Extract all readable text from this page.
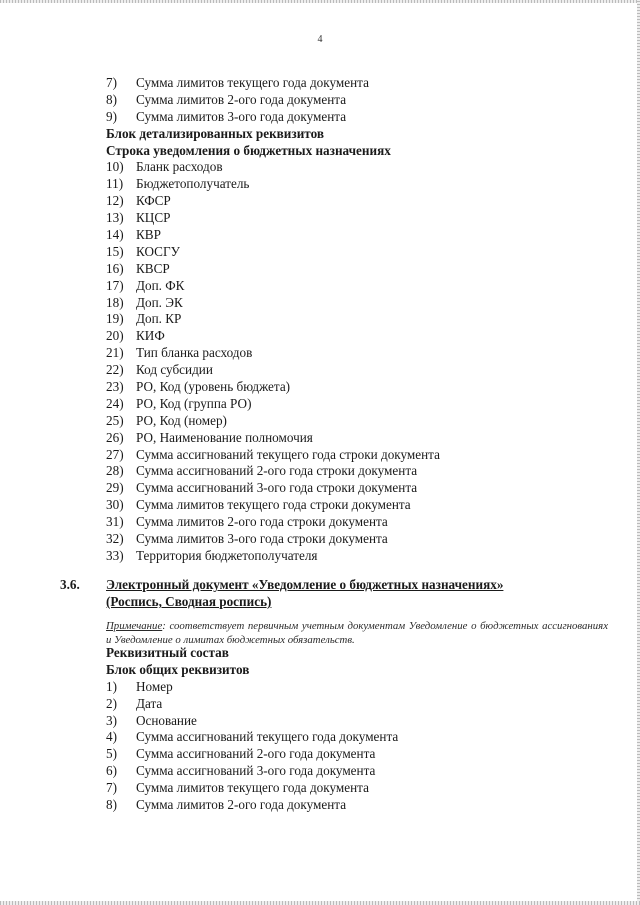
4
7)	Сумма лимитов текущего года документа
8)	Сумма лимитов 2-ого года документа
9)	Сумма лимитов 3-ого года документа
Блок детализированных реквизитов
Строка уведомления о бюджетных назначениях
10) Бланк расходов
11) Бюджетополучатель
12) КФСР
13) КЦСР
14) КВР
15) КОСГУ
16) КВСР
17) Доп. ФК
18) Доп. ЭК
19) Доп. КР
20) КИФ
21) Тип бланка расходов
22) Код субсидии
23) РО, Код (уровень бюджета)
24) РО, Код (группа РО)
25) РО, Код (номер)
26) РО, Наименование полномочия
27) Сумма ассигнований текущего года строки документа
28) Сумма ассигнований 2-ого года строки документа
29) Сумма ассигнований 3-ого года строки документа
30) Сумма лимитов текущего года строки документа
31) Сумма лимитов 2-ого года строки документа
32) Сумма лимитов 3-ого года строки документа
33) Территория бюджетополучателя
3.6.	Электронный документ «Уведомление о бюджетных назначениях»
(Роспись, Сводная роспись)
Примечание: соответствует первичным учетным документам Уведомление о бюджетных ассигнованиях и Уведомление о лимитах бюджетных обязательств.
Реквизитный состав
Блок общих реквизитов
1)	Номер
2)	Дата
3)	Основание
4)	Сумма ассигнований текущего года документа
5)	Сумма ассигнований 2-ого года документа
6)	Сумма ассигнований 3-ого года документа
7)	Сумма лимитов текущего года документа
8)	Сумма лимитов 2-ого года документа
